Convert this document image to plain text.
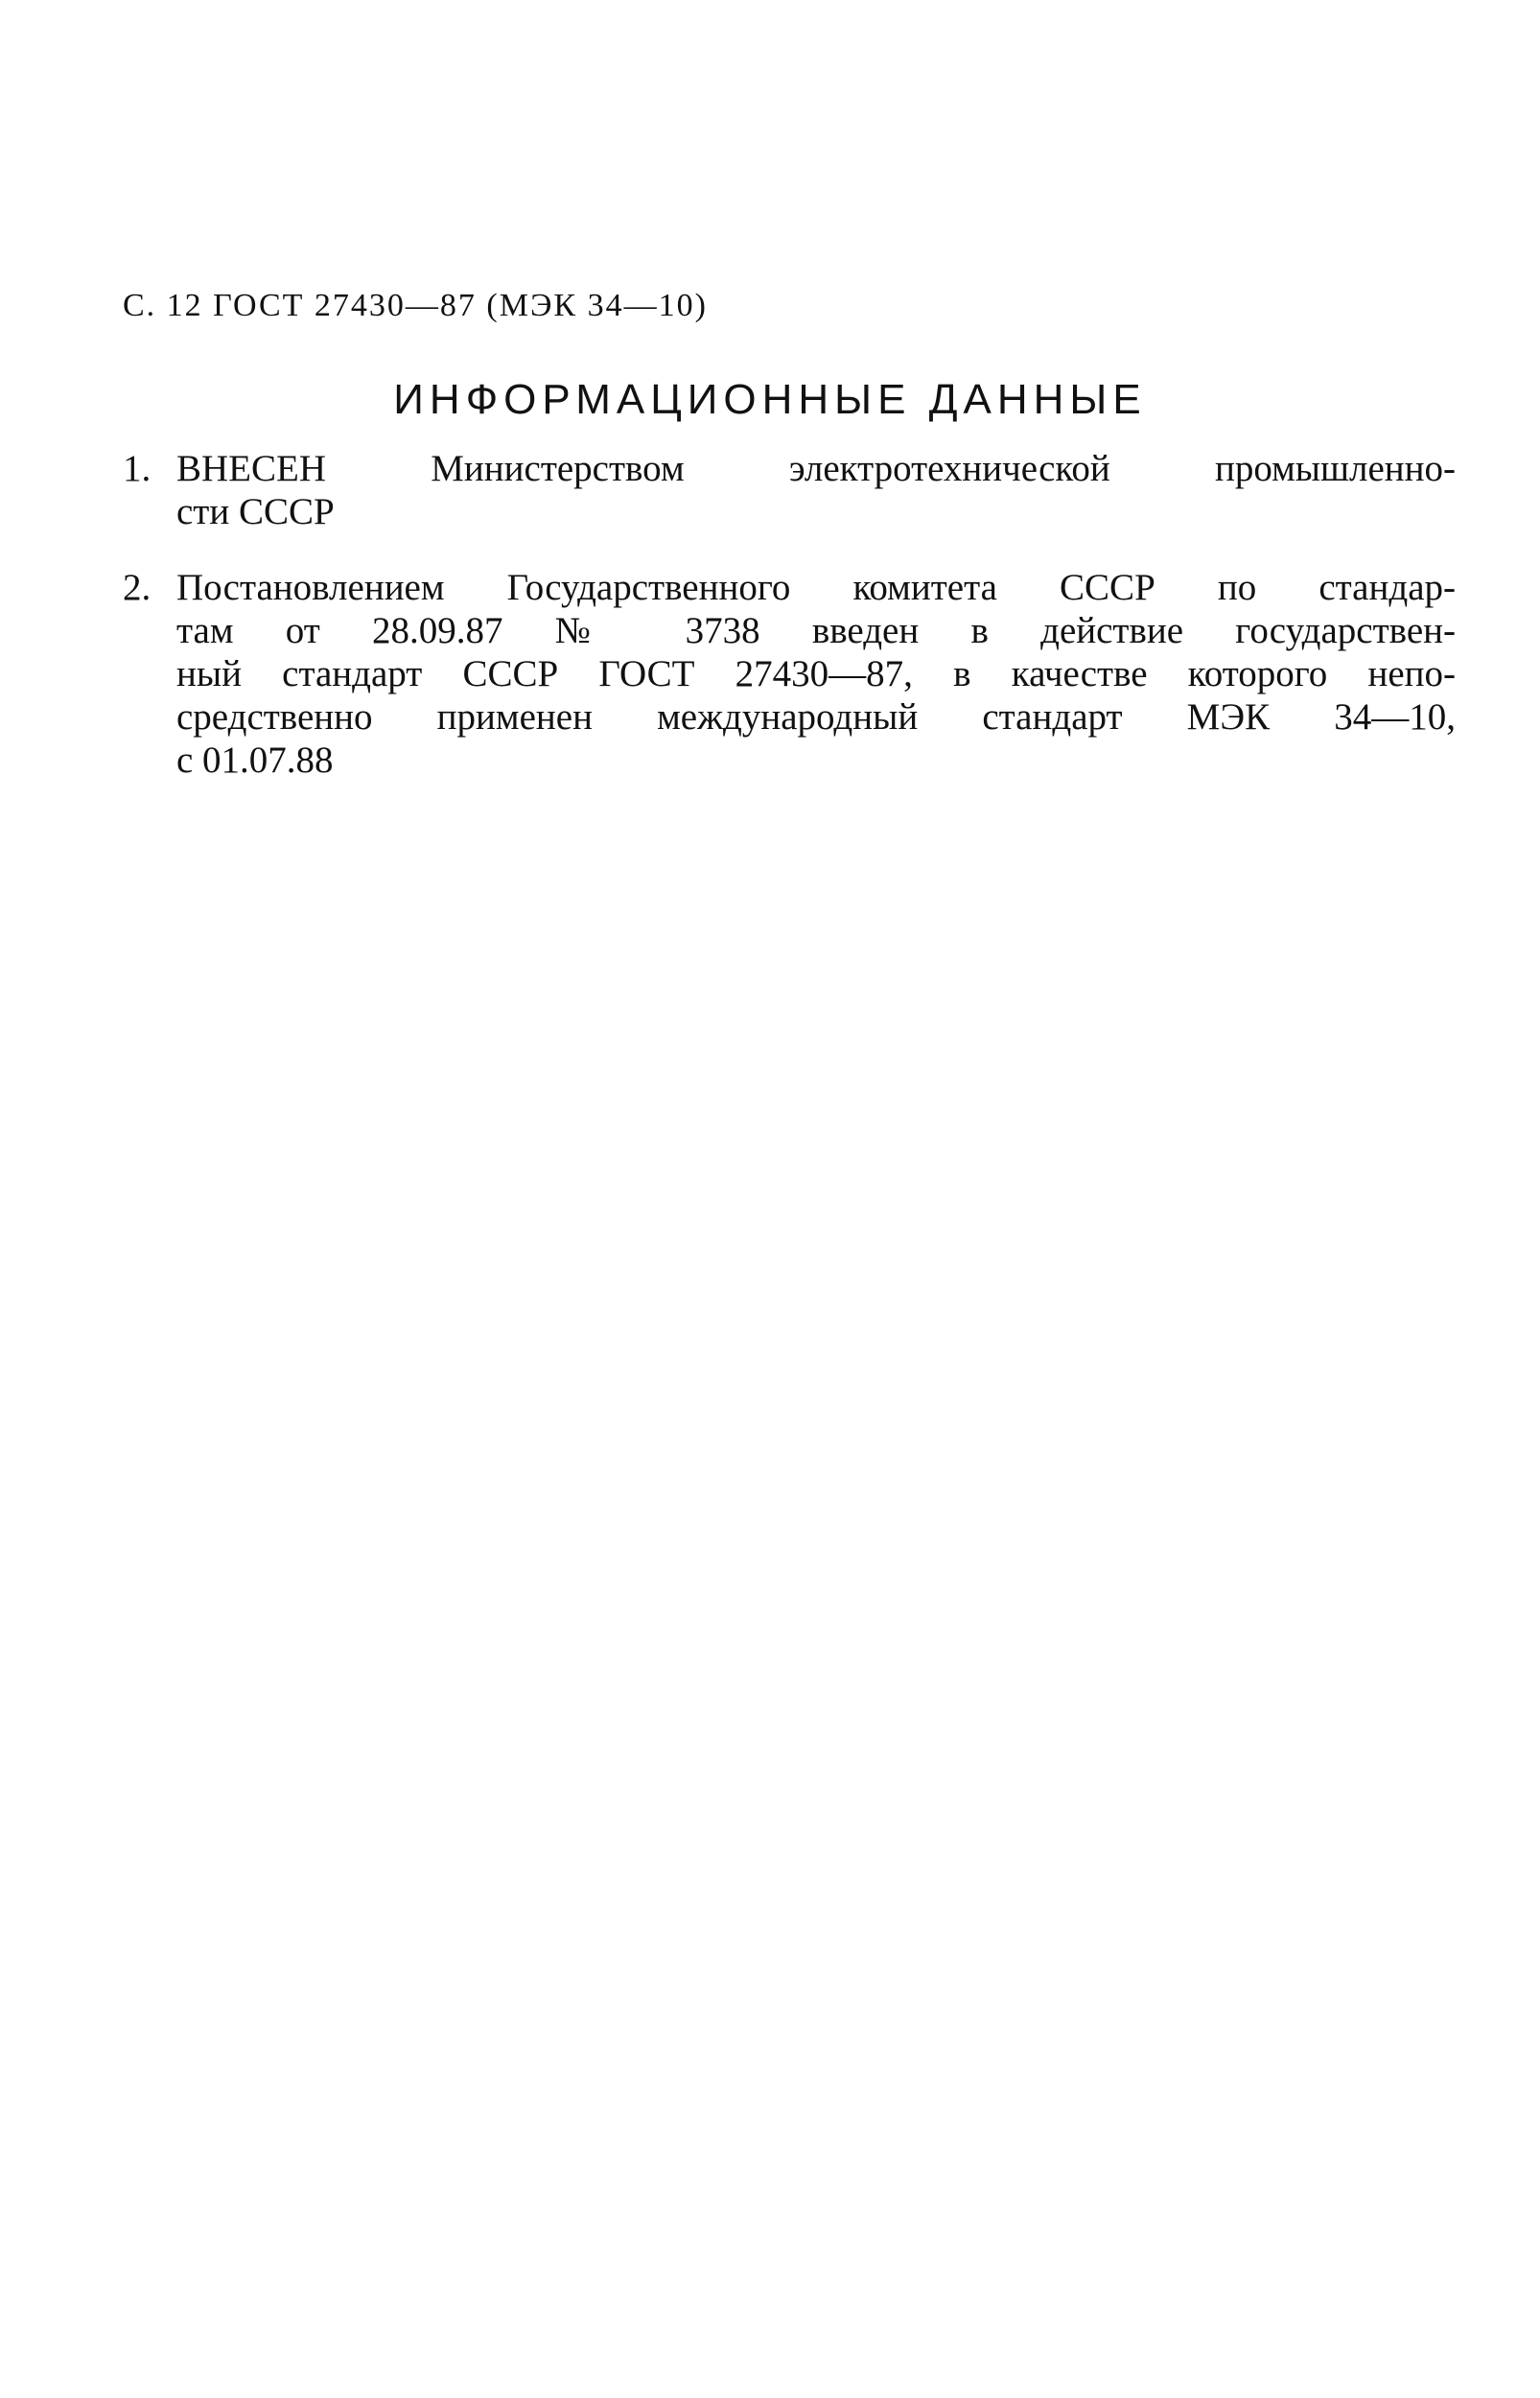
С. 12 ГОСТ 27430—87 (МЭК 34—10)
ИНФОРМАЦИОННЫЕ ДАННЫЕ
1. ВНЕСЕН Министерством электротехнической промышленно-
сти СССР
2. Постановлением Государственного комитета СССР по стандар-
там от 28.09.87 № 3738 введен в действие государствен-
ный стандарт СССР ГОСТ 27430—87, в качестве которого непо-
средственно применен международный стандарт МЭК 34—10,
с 01.07.88
